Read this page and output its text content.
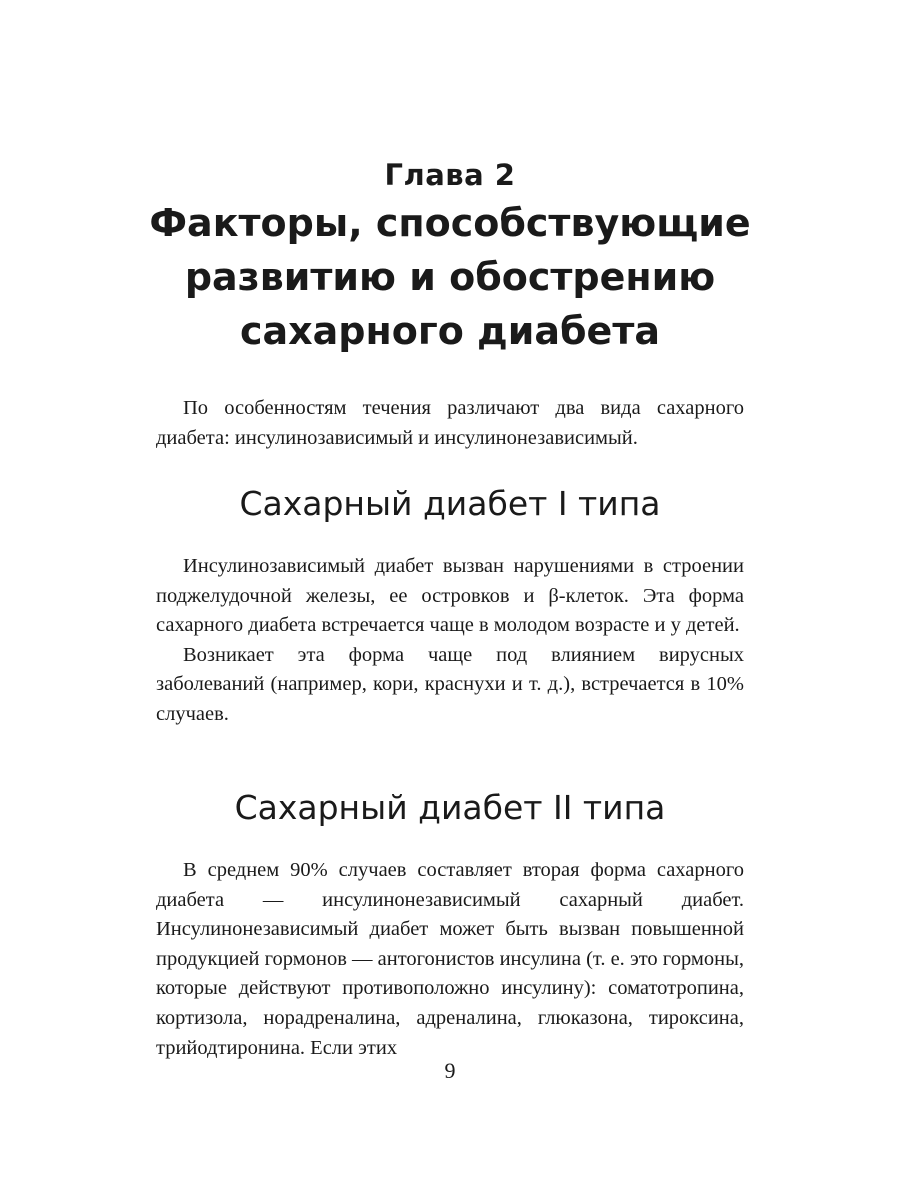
Глава 2
Факторы, способствующие развитию и обострению сахарного диабета

По особенностям течения различают два вида сахарного диабета: инсулинозависимый и инсулинонезависимый.

Сахарный диабет I типа

Инсулинозависимый диабет вызван нарушениями в строении поджелудочной железы, ее островков и β-клеток. Эта форма сахарного диабета встречается чаще в молодом возрасте и у детей.

Возникает эта форма чаще под влиянием вирусных заболеваний (например, кори, краснухи и т. д.), встречается в 10% случаев.

Сахарный диабет II типа

В среднем 90% случаев составляет вторая форма сахарного диабета — инсулинонезависимый сахарный диабет. Инсулинонезависимый диабет может быть вызван повышенной продукцией гормонов — антогонистов инсулина (т. е. это гормоны, которые действуют противоположно инсулину): соматотропина, кортизола, норадреналина, адреналина, глюказона, тироксина, трийодтиронина. Если этих

9
